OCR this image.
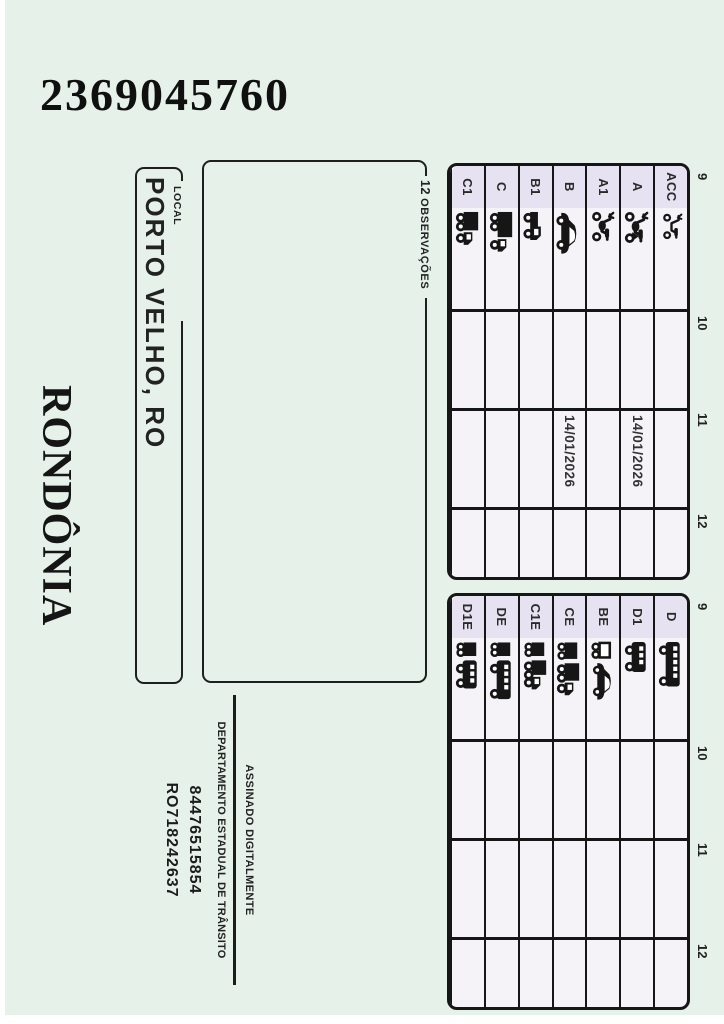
2369045760
RONDÔNIA
LOCAL
PORTO VELHO, RO	12OBSERVAÇÕES
ASSINADO DIGITALMENTE
DEPARTAMENTO ESTADUAL DE TRÂNSITO
84476515854
RO718242637
9
10
11
12
ACC
A
14/01/2026
A1
B
14/01/2026
B1
C
C1
9
10
11
12
D
D1
BE
CE
C1E
DE
D1E
